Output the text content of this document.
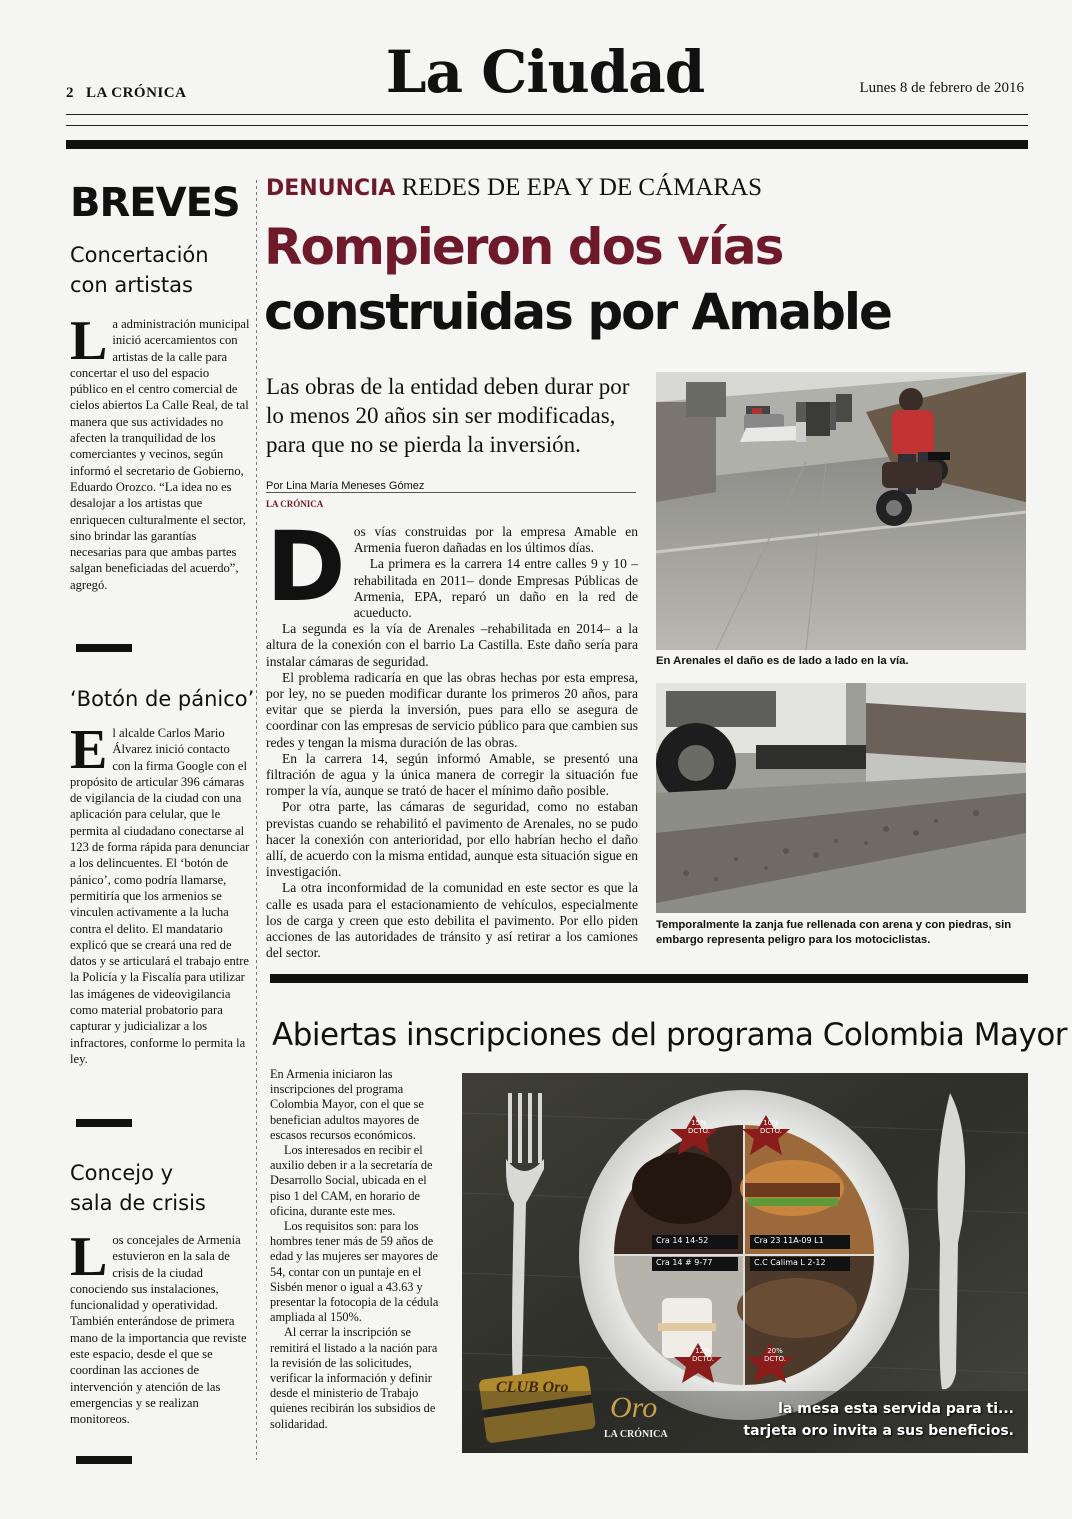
2 LA CRÓNICA	La Ciudad	Lunes 8 de febrero de 2016
BREVES
Concertación
con artistas
La administración municipal inició acercamientos con artistas de la calle para concertar el uso del espacio público en el centro comercial de cielos abiertos La Calle Real, de tal manera que sus actividades no afecten la tranquilidad de los comerciantes y vecinos, según informó el secretario de Gobierno, Eduardo Orozco. “La idea no es desalojar a los artistas que enriquecen culturalmente el sector, sino brindar las garantías necesarias para que ambas partes salgan beneficiadas del acuerdo”, agregó.
‘Botón de pánico’
El alcalde Carlos Mario Álvarez inició contacto con la firma Google con el propósito de articular 396 cámaras de vigilancia de la ciudad con una aplicación para celular, que le permita al ciudadano conectarse al 123 de forma rápida para denunciar a los delincuentes. El ‘botón de pánico’, como podría llamarse, permitiría que los armenios se vinculen activamente a la lucha contra el delito. El mandatario explicó que se creará una red de datos y se articulará el trabajo entre la Policía y la Fiscalía para utilizar las imágenes de videovigilancia como material probatorio para capturar y judicializar a los infractores, conforme lo permita la ley.
Concejo y
sala de crisis
Los concejales de Armenia estuvieron en la sala de crisis de la ciudad conociendo sus instalaciones, funcionalidad y operatividad. También enterándose de primera mano de la importancia que reviste este espacio, desde el que se coordinan las acciones de intervención y atención de las emergencias y se realizan monitoreos.
DENUNCIA REDES DE EPA Y DE CÁMARAS
Rompieron dos vías
construidas por Amable
Las obras de la entidad deben durar por lo menos 20 años sin ser modificadas, para que no se pierda la inversión.
Por Lina María Meneses Gómez
LA CRÓNICA

Dos vías construidas por la empresa Amable en Armenia fueron dañadas en los últimos días.

La primera es la carrera 14 entre calles 9 y 10 –rehabilitada en 2011– donde Empresas Públicas de Armenia, EPA, reparó un daño en la red de acueducto.

La segunda es la vía de Arenales –rehabilitada en 2014– a la altura de la conexión con el barrio La Castilla. Este daño sería para instalar cámaras de seguridad.

El problema radicaría en que las obras hechas por esta empresa, por ley, no se pueden modificar durante los primeros 20 años, para evitar que se pierda la inversión, pues para ello se asegura de coordinar con las empresas de servicio público para que cambien sus redes y tengan la misma duración de las obras.

En la carrera 14, según informó Amable, se presentó una filtración de agua y la única manera de corregir la situación fue romper la vía, aunque se trató de hacer el mínimo daño posible.

Por otra parte, las cámaras de seguridad, como no estaban previstas cuando se rehabilitó el pavimento de Arenales, no se pudo hacer la conexión con anterioridad, por ello habrían hecho el daño allí, de acuerdo con la misma entidad, aunque esta situación sigue en investigación.

La otra inconformidad de la comunidad en este sector es que la calle es usada para el estacionamiento de vehículos, especialmente los de carga y creen que esto debilita el pavimento. Por ello piden acciones de las autoridades de tránsito y así retirar a los camiones del sector.

En Arenales el daño es de lado a lado en la vía.
Temporalmente la zanja fue rellenada con arena y con piedras, sin embargo representa peligro para los motociclistas.
Abiertas inscripciones del programa Colombia Mayor

En Armenia iniciaron las inscripciones del programa Colombia Mayor, con el que se benefician adultos mayores de escasos recursos económicos.

Los interesados en recibir el auxilio deben ir a la secretaría de Desarrollo Social, ubicada en el piso 1 del CAM, en horario de oficina, durante este mes.

Los requisitos son: para los hombres tener más de 59 años de edad y las mujeres ser mayores de 54, contar con un puntaje en el Sisbén menor o igual a 43.63 y presentar la fotocopia de la cédula ampliada al 150%.

Al cerrar la inscripción se remitirá el listado a la nación para la revisión de las solicitudes, verificar la información y definir desde el ministerio de Trabajo quienes recibirán los subsidios de solidaridad.

15% DCTO.
10% DCTO.
12% DCTO.
20% DCTO.
Cra 14 14-52	Cra 23 11A-09 L1
Cra 14 # 9-77	C.C Calima L 2-12
CLUB Oro
Oro
LA CRÓNICA
la mesa esta servida para ti...
tarjeta oro invita a sus beneficios.
